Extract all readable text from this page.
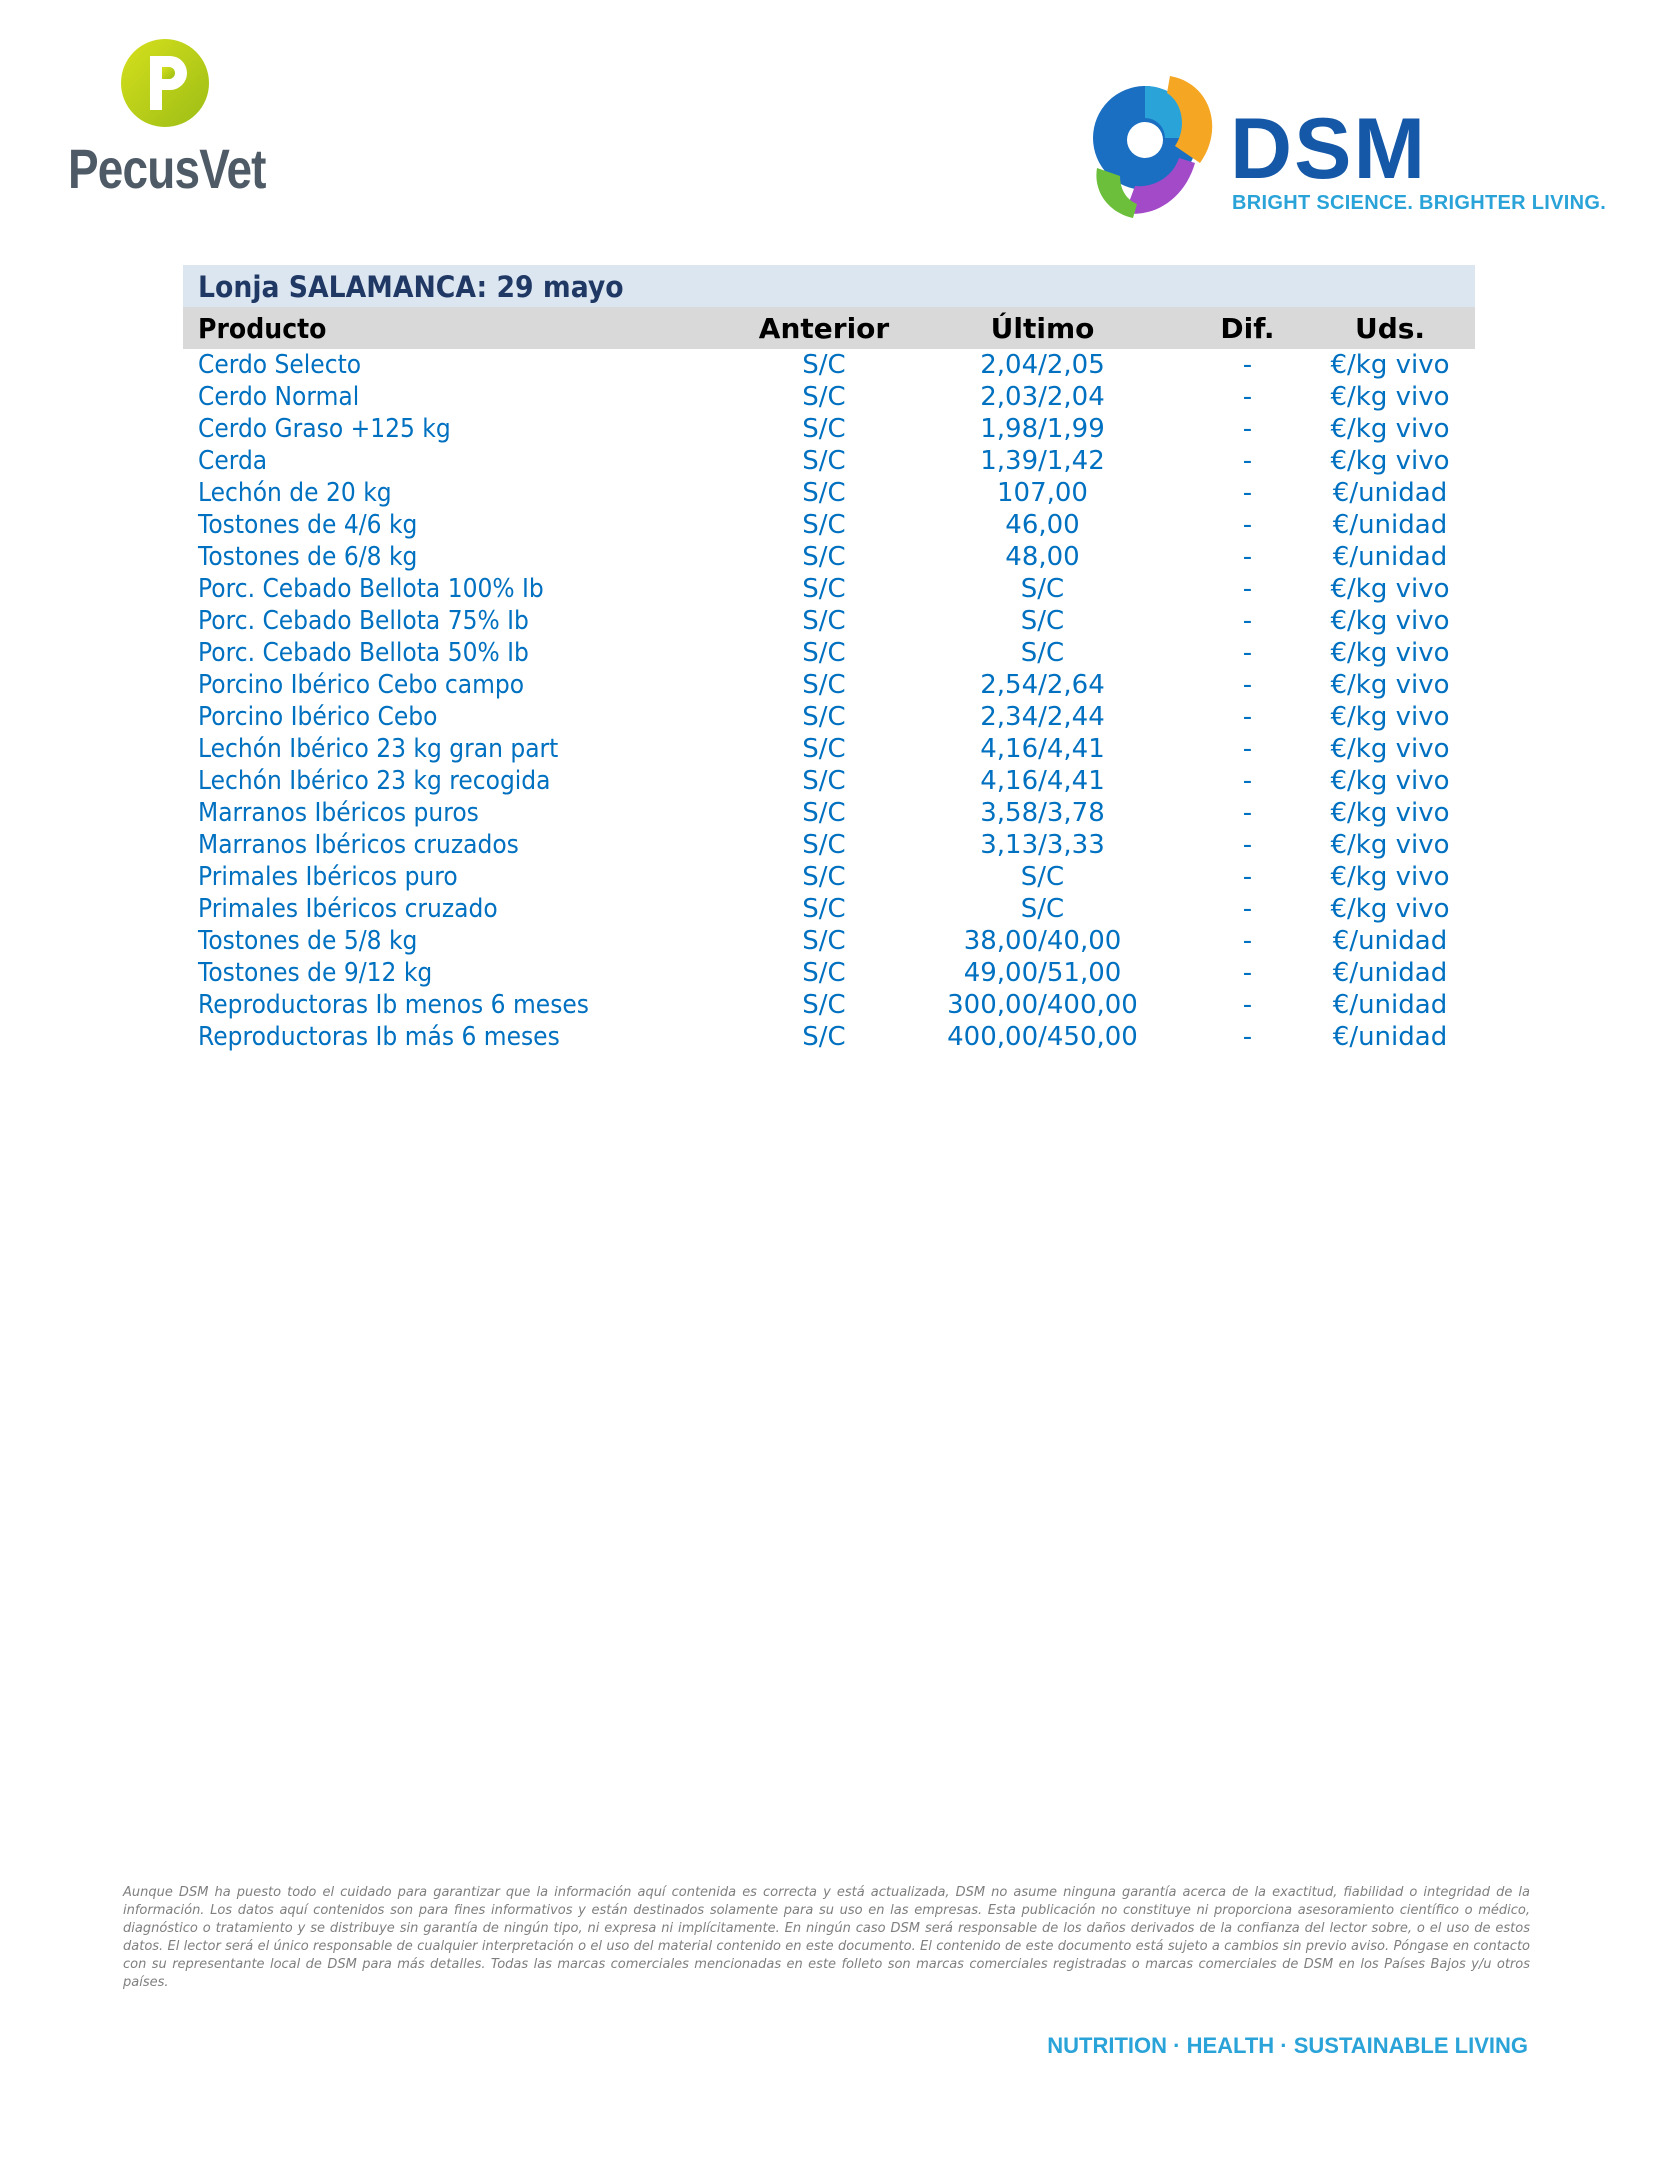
PecusVet	DSM
BRIGHT SCIENCE. BRIGHTER LIVING.
Lonja SALAMANCA: 29 mayo
Producto	Anterior	Último	Dif.	Uds.
Cerdo Selecto	S/C	2,04/2,05	-	€/kg vivo
Cerdo Normal	S/C	2,03/2,04	-	€/kg vivo
Cerdo Graso +125 kg	S/C	1,98/1,99	-	€/kg vivo
Cerda	S/C	1,39/1,42	-	€/kg vivo
Lechón de 20 kg	S/C	107,00	-	€/unidad
Tostones de 4/6 kg	S/C	46,00	-	€/unidad
Tostones de 6/8 kg	S/C	48,00	-	€/unidad
Porc. Cebado Bellota 100% Ib	S/C	S/C	-	€/kg vivo
Porc. Cebado Bellota 75% Ib	S/C	S/C	-	€/kg vivo
Porc. Cebado Bellota 50% Ib	S/C	S/C	-	€/kg vivo
Porcino Ibérico Cebo campo	S/C	2,54/2,64	-	€/kg vivo
Porcino Ibérico Cebo	S/C	2,34/2,44	-	€/kg vivo
Lechón Ibérico 23 kg gran part	S/C	4,16/4,41	-	€/kg vivo
Lechón Ibérico 23 kg recogida	S/C	4,16/4,41	-	€/kg vivo
Marranos Ibéricos puros	S/C	3,58/3,78	-	€/kg vivo
Marranos Ibéricos cruzados	S/C	3,13/3,33	-	€/kg vivo
Primales Ibéricos puro	S/C	S/C	-	€/kg vivo
Primales Ibéricos cruzado	S/C	S/C	-	€/kg vivo
Tostones de 5/8 kg	S/C	38,00/40,00	-	€/unidad
Tostones de 9/12 kg	S/C	49,00/51,00	-	€/unidad
Reproductoras Ib menos 6 meses	S/C	300,00/400,00	-	€/unidad
Reproductoras Ib más 6 meses	S/C	400,00/450,00	-	€/unidad
Aunque DSM ha puesto todo el cuidado para garantizar que la información aquí contenida es correcta y está actualizada, DSM no asume ninguna garantía acerca de la exactitud, fiabilidad o integridad de la información. Los datos aquí contenidos son para fines informativos y están destinados solamente para su uso en las empresas. Esta publicación no constituye ni proporciona asesoramiento científico o médico, diagnóstico o tratamiento y se distribuye sin garantía de ningún tipo, ni expresa ni implícitamente. En ningún caso DSM será responsable de los daños derivados de la confianza del lector sobre, o el uso de estos datos. El lector será el único responsable de cualquier interpretación o el uso del material contenido en este documento. El contenido de este documento está sujeto a cambios sin previo aviso. Póngase en contacto con su representante local de DSM para más detalles. Todas las marcas comerciales mencionadas en este folleto son marcas comerciales registradas o marcas comerciales de DSM en los Países Bajos y/u otros países.
NUTRITION · HEALTH · SUSTAINABLE LIVING
